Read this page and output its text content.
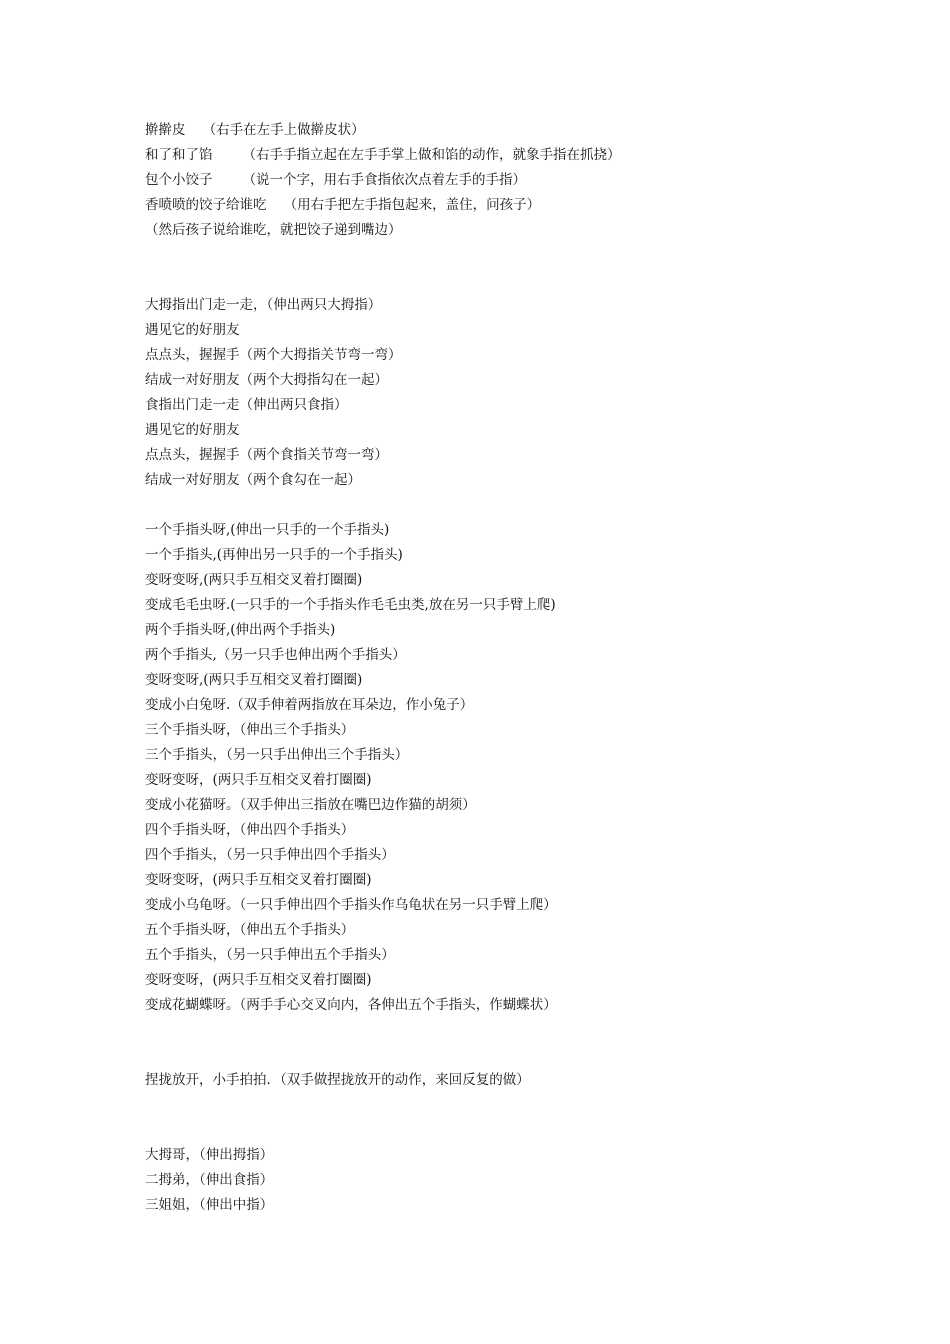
擀擀皮    （右手在左手上做擀皮状）
和了和了馅       （右手手指立起在左手手掌上做和馅的动作，就象手指在抓挠）
包个小饺子       （说一个字，用右手食指依次点着左手的手指）
香喷喷的饺子给谁吃    （用右手把左手指包起来，盖住，问孩子）
（然后孩子说给谁吃，就把饺子递到嘴边）
大拇指出门走一走，（伸出两只大拇指）
遇见它的好朋友
点点头，握握手（两个大拇指关节弯一弯）
结成一对好朋友（两个大拇指勾在一起）
食指出门走一走（伸出两只食指）
遇见它的好朋友
点点头，握握手（两个食指关节弯一弯）
结成一对好朋友（两个食勾在一起）
一个手指头呀,(伸出一只手的一个手指头)
一个手指头,(再伸出另一只手的一个手指头)
变呀变呀,(两只手互相交叉着打圈圈)
变成毛毛虫呀.(一只手的一个手指头作毛毛虫类,放在另一只手臂上爬)
两个手指头呀,(伸出两个手指头)
两个手指头,（另一只手也伸出两个手指头）
变呀变呀,(两只手互相交叉着打圈圈)
变成小白兔呀.（双手伸着两指放在耳朵边，作小兔子）
三个手指头呀，（伸出三个手指头）
三个手指头，（另一只手出伸出三个手指头）
变呀变呀，(两只手互相交叉着打圈圈)
变成小花猫呀。（双手伸出三指放在嘴巴边作猫的胡须）
四个手指头呀，（伸出四个手指头）
四个手指头，（另一只手伸出四个手指头）
变呀变呀，(两只手互相交叉着打圈圈)
变成小乌龟呀。（一只手伸出四个手指头作乌龟状在另一只手臂上爬）
五个手指头呀，（伸出五个手指头）
五个手指头，（另一只手伸出五个手指头）
变呀变呀，(两只手互相交叉着打圈圈)
变成花蝴蝶呀。（两手手心交叉向内，各伸出五个手指头，作蝴蝶状）
捏拢放开，小手拍拍．（双手做捏拢放开的动作，来回反复的做）
大拇哥，（伸出拇指）
二拇弟，（伸出食指）
三姐姐，（伸出中指）
